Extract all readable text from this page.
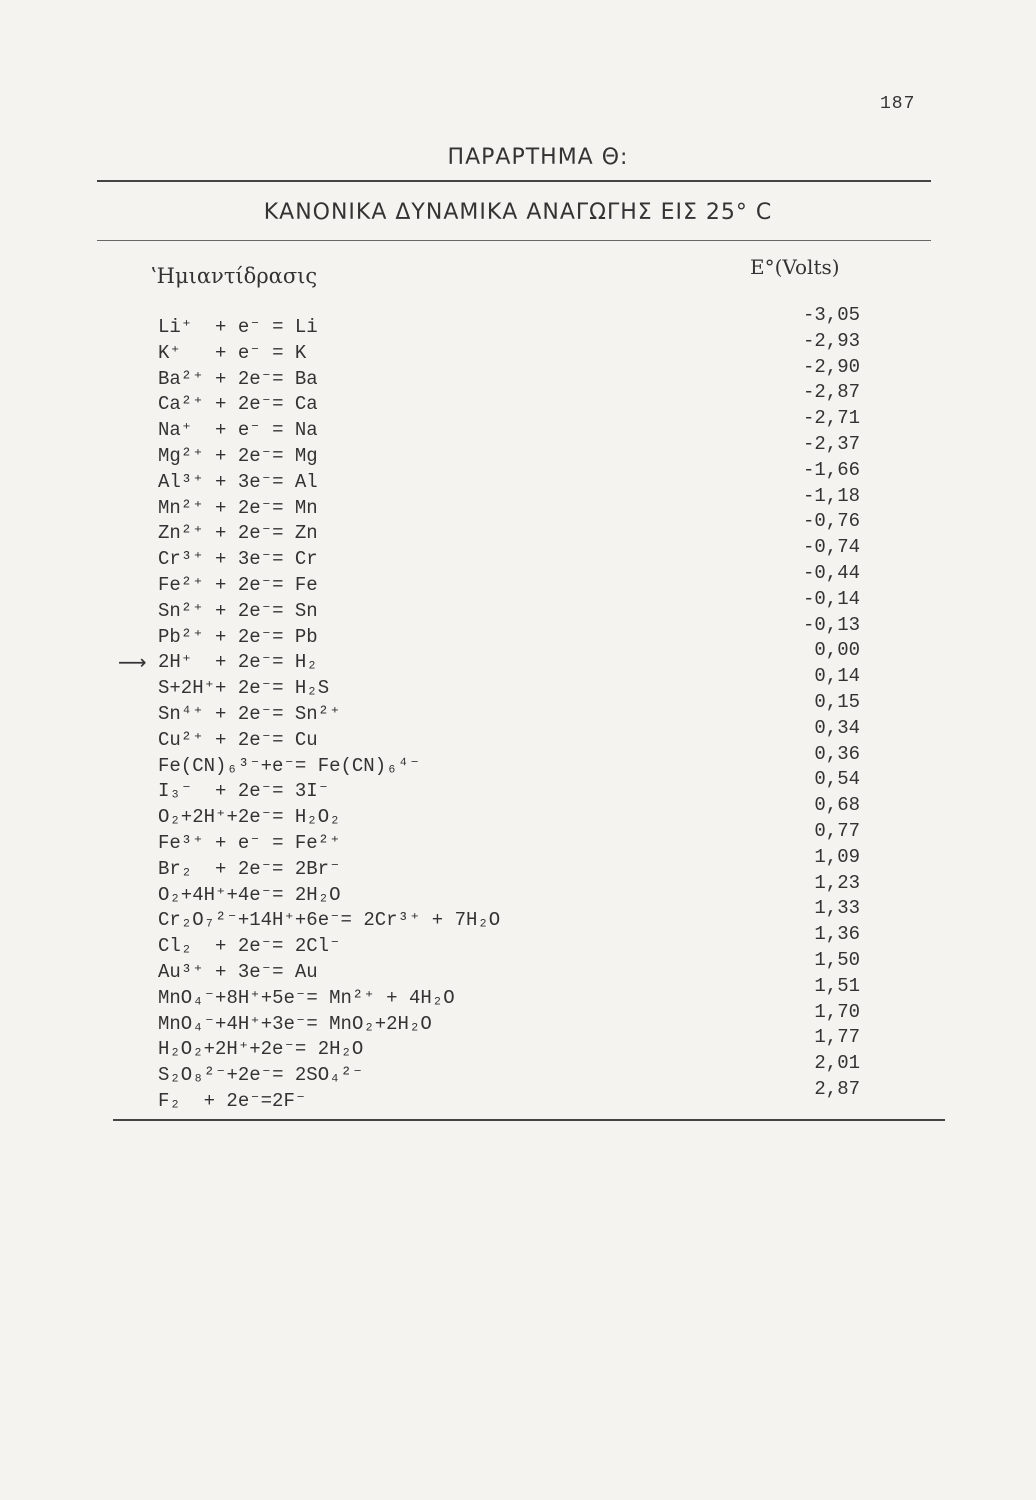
187
ΠΑΡΑΡΤΗΜΑ Θ:
ΚΑΝΟΝΙΚΑ ΔΥΝΑΜΙΚΑ ΑΝΑΓΩΓΗΣ ΕΙΣ 25° C
ʽΗμιαντίδρασις	E°(Volts)
⟶
Li⁺  + e⁻ = Li
K⁺   + e⁻ = K
Ba²⁺ + 2e⁻= Ba
Ca²⁺ + 2e⁻= Ca
Na⁺  + e⁻ = Na
Mg²⁺ + 2e⁻= Mg
Al³⁺ + 3e⁻= Al
Mn²⁺ + 2e⁻= Mn
Zn²⁺ + 2e⁻= Zn
Cr³⁺ + 3e⁻= Cr
Fe²⁺ + 2e⁻= Fe
Sn²⁺ + 2e⁻= Sn
Pb²⁺ + 2e⁻= Pb
2H⁺  + 2e⁻= H₂
S+2H⁺+ 2e⁻= H₂S
Sn⁴⁺ + 2e⁻= Sn²⁺
Cu²⁺ + 2e⁻= Cu
Fe(CN)₆³⁻+e⁻= Fe(CN)₆⁴⁻
I₃⁻  + 2e⁻= 3I⁻
O₂+2H⁺+2e⁻= H₂O₂
Fe³⁺ + e⁻ = Fe²⁺
Br₂  + 2e⁻= 2Br⁻
O₂+4H⁺+4e⁻= 2H₂O
Cr₂O₇²⁻+14H⁺+6e⁻= 2Cr³⁺ + 7H₂O
Cl₂  + 2e⁻= 2Cl⁻
Au³⁺ + 3e⁻= Au
MnO₄⁻+8H⁺+5e⁻= Mn²⁺ + 4H₂O
MnO₄⁻+4H⁺+3e⁻= MnO₂+2H₂O
H₂O₂+2H⁺+2e⁻= 2H₂O
S₂O₈²⁻+2e⁻= 2SO₄²⁻
F₂  + 2e⁻=2F⁻
-3,05
-2,93
-2,90
-2,87
-2,71
-2,37
-1,66
-1,18
-0,76
-0,74
-0,44
-0,14
-0,13
0,00
0,14
0,15
0,34
0,36
0,54
0,68
0,77
1,09
1,23
1,33
1,36
1,50
1,51
1,70
1,77
2,01
2,87
